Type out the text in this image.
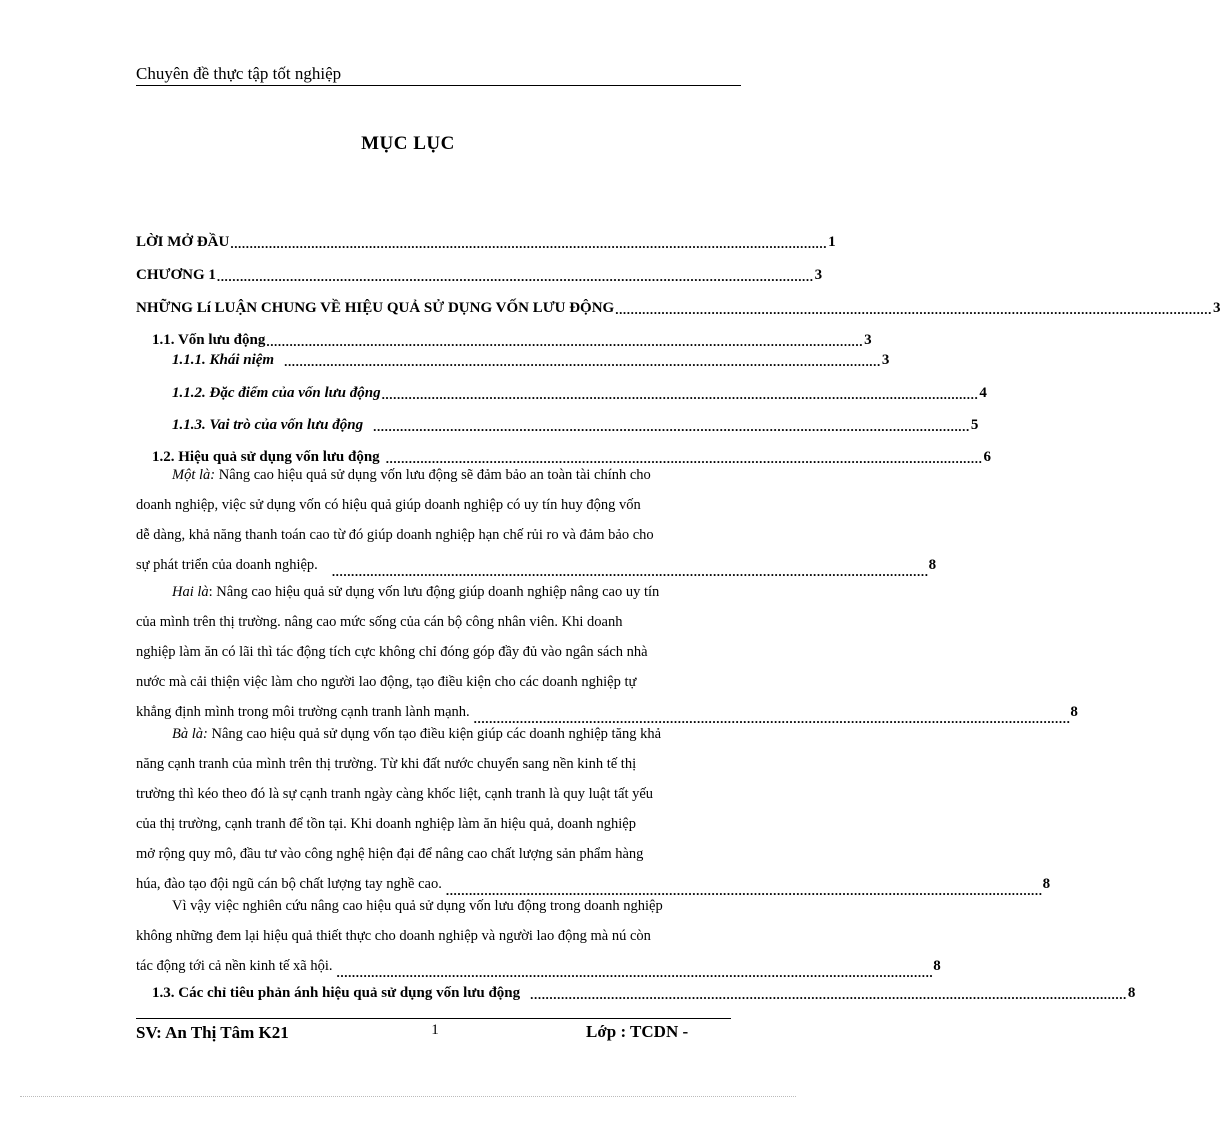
Chuyên đề thực tập tốt nghiệp
MỤC LỤC
LỜI MỞ ĐẦU ........................................................................................................................................................... 1
CHƯƠNG 1 ........................................................................................................................................................... 3
NHỮNG Lí LUẬN CHUNG VỀ HIỆU QUẢ SỬ DỤNG VỐN LƯU ĐỘNG ........................................................................................................................................................... 3
1.1. Vốn lưu động ........................................................................................................................................................... 3
1.1.1. Khái niệm ........................................................................................................................................................... 3
1.1.2. Đặc điểm của vốn lưu động ........................................................................................................................................................... 4
1.1.3. Vai trò của vốn lưu động ........................................................................................................................................................... 5
1.2. Hiệu quả sử dụng vốn lưu động ........................................................................................................................................................... 6
Một là: Nâng cao hiệu quả sử dụng vốn lưu động sẽ đảm bảo an toàn tài chính cho
doanh nghiệp, việc sử dụng vốn có hiệu quả giúp doanh nghiệp có uy tín huy động vốn
dễ dàng, khả năng thanh toán cao từ đó giúp doanh nghiệp hạn chế rủi ro và đảm bảo cho
sự phát triển của doanh nghiệp. ........................................................................................................................................................... 8
Hai là: Nâng cao hiệu quả sử dụng vốn lưu động giúp doanh nghiệp nâng cao uy tín
của mình trên thị trường. nâng cao mức sống của cán bộ công nhân viên. Khi doanh
nghiệp làm ăn có lãi thì tác động tích cực không chỉ đóng góp đầy đủ vào ngân sách nhà
nước mà cải thiện việc làm cho người lao động, tạo điều kiện cho các doanh nghiệp tự
khẳng định mình trong môi trường cạnh tranh lành mạnh. ........................................................................................................................................................... 8
Bà là: Nâng cao hiệu quả sử dụng vốn tạo điều kiện giúp các doanh nghiệp tăng khả
năng cạnh tranh của mình trên thị trường. Từ khi đất nước chuyển sang nền kinh tế thị
trường thì kéo theo đó là sự cạnh tranh ngày càng khốc liệt, cạnh tranh là quy luật tất yếu
của thị trường, cạnh tranh để tồn tại. Khi doanh nghiệp làm ăn hiệu quả, doanh nghiệp
mở rộng quy mô, đầu tư vào công nghệ hiện đại để nâng cao chất lượng sản phẩm hàng
húa, đào tạo đội ngũ cán bộ chất lượng tay nghề cao. ........................................................................................................................................................... 8
Vì vậy việc nghiên cứu nâng cao hiệu quả sử dụng vốn lưu động trong doanh nghiệp
không những đem lại hiệu quả thiết thực cho doanh nghiệp và người lao động mà nú còn
tác động tới cả nền kinh tế xã hội. ........................................................................................................................................................... 8
1.3. Các chỉ tiêu phản ánh hiệu quả sử dụng vốn lưu động ........................................................................................................................................................... 8
SV: An Thị Tâm K21	1	Lớp : TCDN -
